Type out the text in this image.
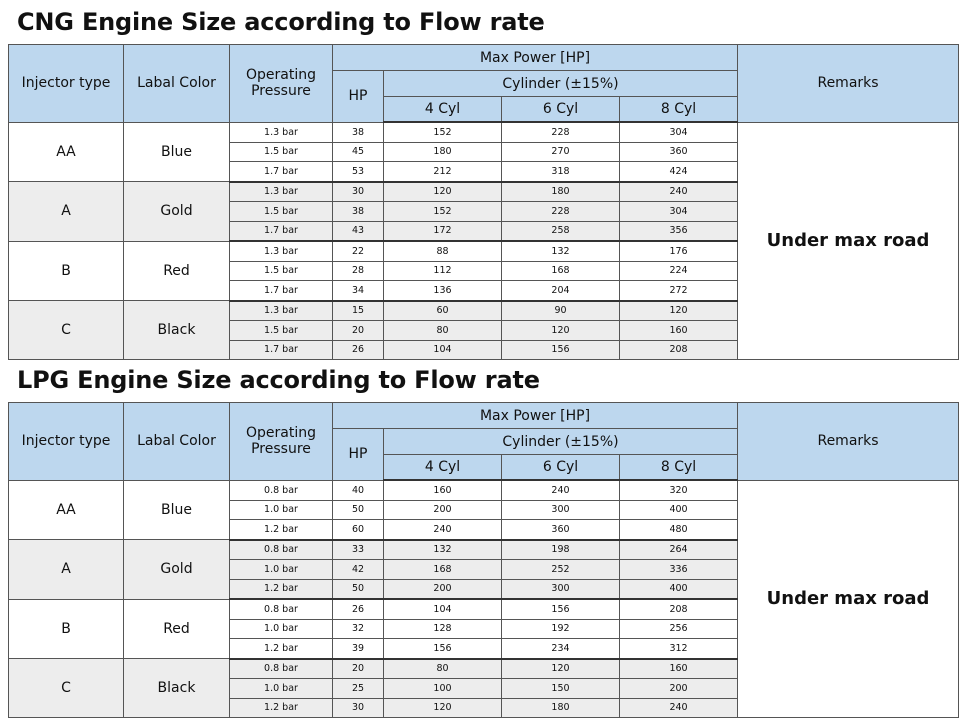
CNG Engine Size according to Flow rate
Injector type	Labal Color	Operating
Pressure	Max Power [HP]				Remarks
			HP	Cylinder (±15%)			
				4 Cyl	6 Cyl	8 Cyl	
AA	Blue	1.3 bar	38	152	228	304	Under max road
		1.5 bar	45	180	270	360	
		1.7 bar	53	212	318	424	
A	Gold	1.3 bar	30	120	180	240	
		1.5 bar	38	152	228	304	
		1.7 bar	43	172	258	356	
B	Red	1.3 bar	22	88	132	176	
		1.5 bar	28	112	168	224	
		1.7 bar	34	136	204	272	
C	Black	1.3 bar	15	60	90	120	
		1.5 bar	20	80	120	160	
		1.7 bar	26	104	156	208	
LPG Engine Size according to Flow rate
Injector type	Labal Color	Operating
Pressure	Max Power [HP]				Remarks
			HP	Cylinder (±15%)			
				4 Cyl	6 Cyl	8 Cyl	
AA	Blue	0.8 bar	40	160	240	320	Under max road
		1.0 bar	50	200	300	400	
		1.2 bar	60	240	360	480	
A	Gold	0.8 bar	33	132	198	264	
		1.0 bar	42	168	252	336	
		1.2 bar	50	200	300	400	
B	Red	0.8 bar	26	104	156	208	
		1.0 bar	32	128	192	256	
		1.2 bar	39	156	234	312	
C	Black	0.8 bar	20	80	120	160	
		1.0 bar	25	100	150	200	
		1.2 bar	30	120	180	240	
